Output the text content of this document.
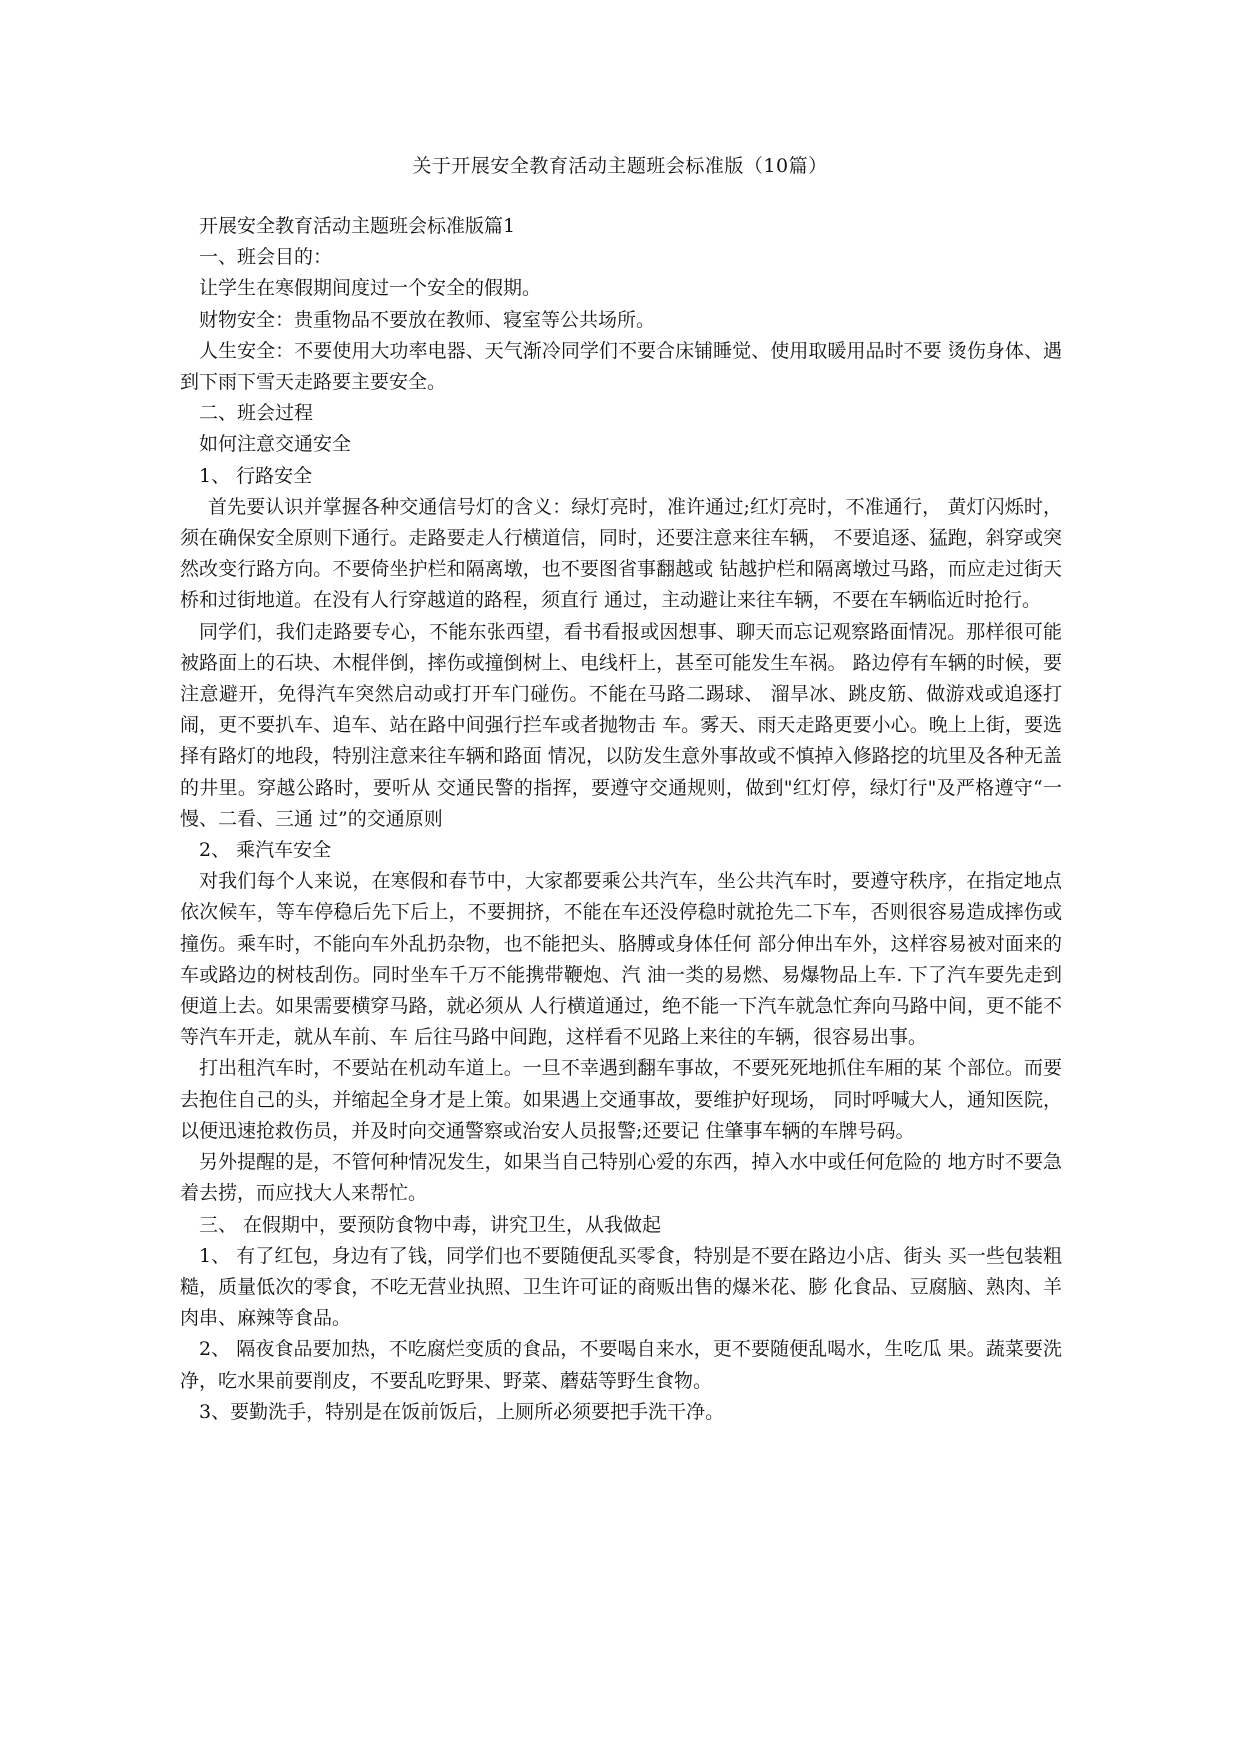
关于开展安全教育活动主题班会标准版（10篇）

开展安全教育活动主题班会标准版篇1

一、班会目的：

让学生在寒假期间度过一个安全的假期。

财物安全：贵重物品不要放在教师、寝室等公共场所。

人生安全：不要使用大功率电器、天气渐冷同学们不要合床铺睡觉、使用取暖用品时不要 烫伤身体、遇到下雨下雪天走路要主要安全。

二、班会过程

如何注意交通安全

1、 行路安全

首先要认识并掌握各种交通信号灯的含义：绿灯亮时，准许通过;红灯亮时，不准通行， 黄灯闪烁时，须在确保安全原则下通行。走路要走人行横道信，同时，还要注意来往车辆， 不要追逐、猛跑，斜穿或突然改变行路方向。不要倚坐护栏和隔离墩，也不要图省事翻越或 钻越护栏和隔离墩过马路，而应走过街天桥和过街地道。在没有人行穿越道的路程，须直行 通过，主动避让来往车辆，不要在车辆临近时抢行。

同学们，我们走路要专心，不能东张西望，看书看报或因想事、聊天而忘记观察路面情况。那样很可能被路面上的石块、木棍伴倒，摔伤或撞倒树上、电线杆上，甚至可能发生车祸。 路边停有车辆的时候，要注意避开，免得汽车突然启动或打开车门碰伤。不能在马路二踢球、 溜旱冰、跳皮筋、做游戏或追逐打闹，更不要扒车、追车、站在路中间强行拦车或者抛物击 车。雾天、雨天走路更要小心。晚上上街，要选择有路灯的地段，特别注意来往车辆和路面 情况，以防发生意外事故或不慎掉入修路挖的坑里及各种无盖的井里。穿越公路时，要听从 交通民警的指挥，要遵守交通规则，做到"红灯停，绿灯行"及严格遵守“一慢、二看、三通 过”的交通原则

2、 乘汽车安全

对我们每个人来说，在寒假和春节中，大家都要乘公共汽车，坐公共汽车时，要遵守秩序，在指定地点依次候车，等车停稳后先下后上，不要拥挤，不能在车还没停稳时就抢先二下车，否则很容易造成摔伤或撞伤。乘车时，不能向车外乱扔杂物，也不能把头、胳膊或身体任何 部分伸出车外，这样容易被对面来的车或路边的树枝刮伤。同时坐车千万不能携带鞭炮、汽 油一类的易燃、易爆物品上车. 下了汽车要先走到便道上去。如果需要横穿马路，就必须从 人行横道通过，绝不能一下汽车就急忙奔向马路中间，更不能不等汽车开走，就从车前、车 后往马路中间跑，这样看不见路上来往的车辆，很容易出事。

打出租汽车时，不要站在机动车道上。一旦不幸遇到翻车事故，不要死死地抓住车厢的某 个部位。而要去抱住自己的头，并缩起全身才是上策。如果遇上交通事故，要维护好现场， 同时呼喊大人，通知医院，以便迅速抢救伤员，并及时向交通警察或治安人员报警;还要记 住肇事车辆的车牌号码。

另外提醒的是，不管何种情况发生，如果当自己特别心爱的东西，掉入水中或任何危险的 地方时不要急着去捞，而应找大人来帮忙。

三、 在假期中，要预防食物中毒，讲究卫生，从我做起

1、 有了红包，身边有了钱，同学们也不要随便乱买零食，特别是不要在路边小店、街头 买一些包装粗糙，质量低次的零食，不吃无营业执照、卫生许可证的商贩出售的爆米花、膨 化食品、豆腐脑、熟肉、羊肉串、麻辣等食品。

2、 隔夜食品要加热，不吃腐烂变质的食品，不要喝自来水，更不要随便乱喝水，生吃瓜 果。蔬菜要洗净，吃水果前要削皮，不要乱吃野果、野菜、蘑菇等野生食物。

3、要勤洗手，特别是在饭前饭后，上厕所必须要把手洗干净。
